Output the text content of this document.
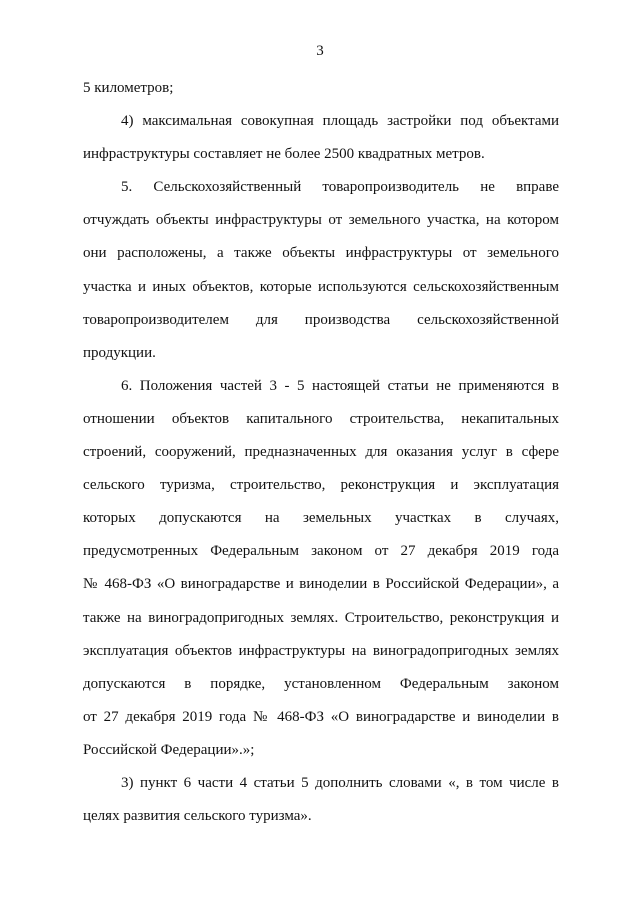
3
5 километров;
4) максимальная совокупная площадь застройки под объектами
инфраструктуры составляет не более 2500 квадратных метров.
5. Сельскохозяйственный товаропроизводитель не вправе
отчуждать объекты инфраструктуры от земельного участка, на котором
они расположены, а также объекты инфраструктуры от земельного
участка и иных объектов, которые используются сельскохозяйственным
товаропроизводителем для производства сельскохозяйственной
продукции.
6. Положения частей 3 - 5 настоящей статьи не применяются в
отношении объектов капитального строительства, некапитальных
строений, сооружений, предназначенных для оказания услуг в сфере
сельского туризма, строительство, реконструкция и эксплуатация
которых допускаются на земельных участках в случаях,
предусмотренных Федеральным законом от 27 декабря 2019 года
№ 468-ФЗ «О виноградарстве и виноделии в Российской Федерации», а
также на виноградопригодных землях. Строительство, реконструкция и
эксплуатация объектов инфраструктуры на виноградопригодных землях
допускаются в порядке, установленном Федеральным законом
от 27 декабря 2019 года № 468-ФЗ «О виноградарстве и виноделии в
Российской Федерации».»;
3) пункт 6 части 4 статьи 5 дополнить словами «, в том числе в
целях развития сельского туризма».
